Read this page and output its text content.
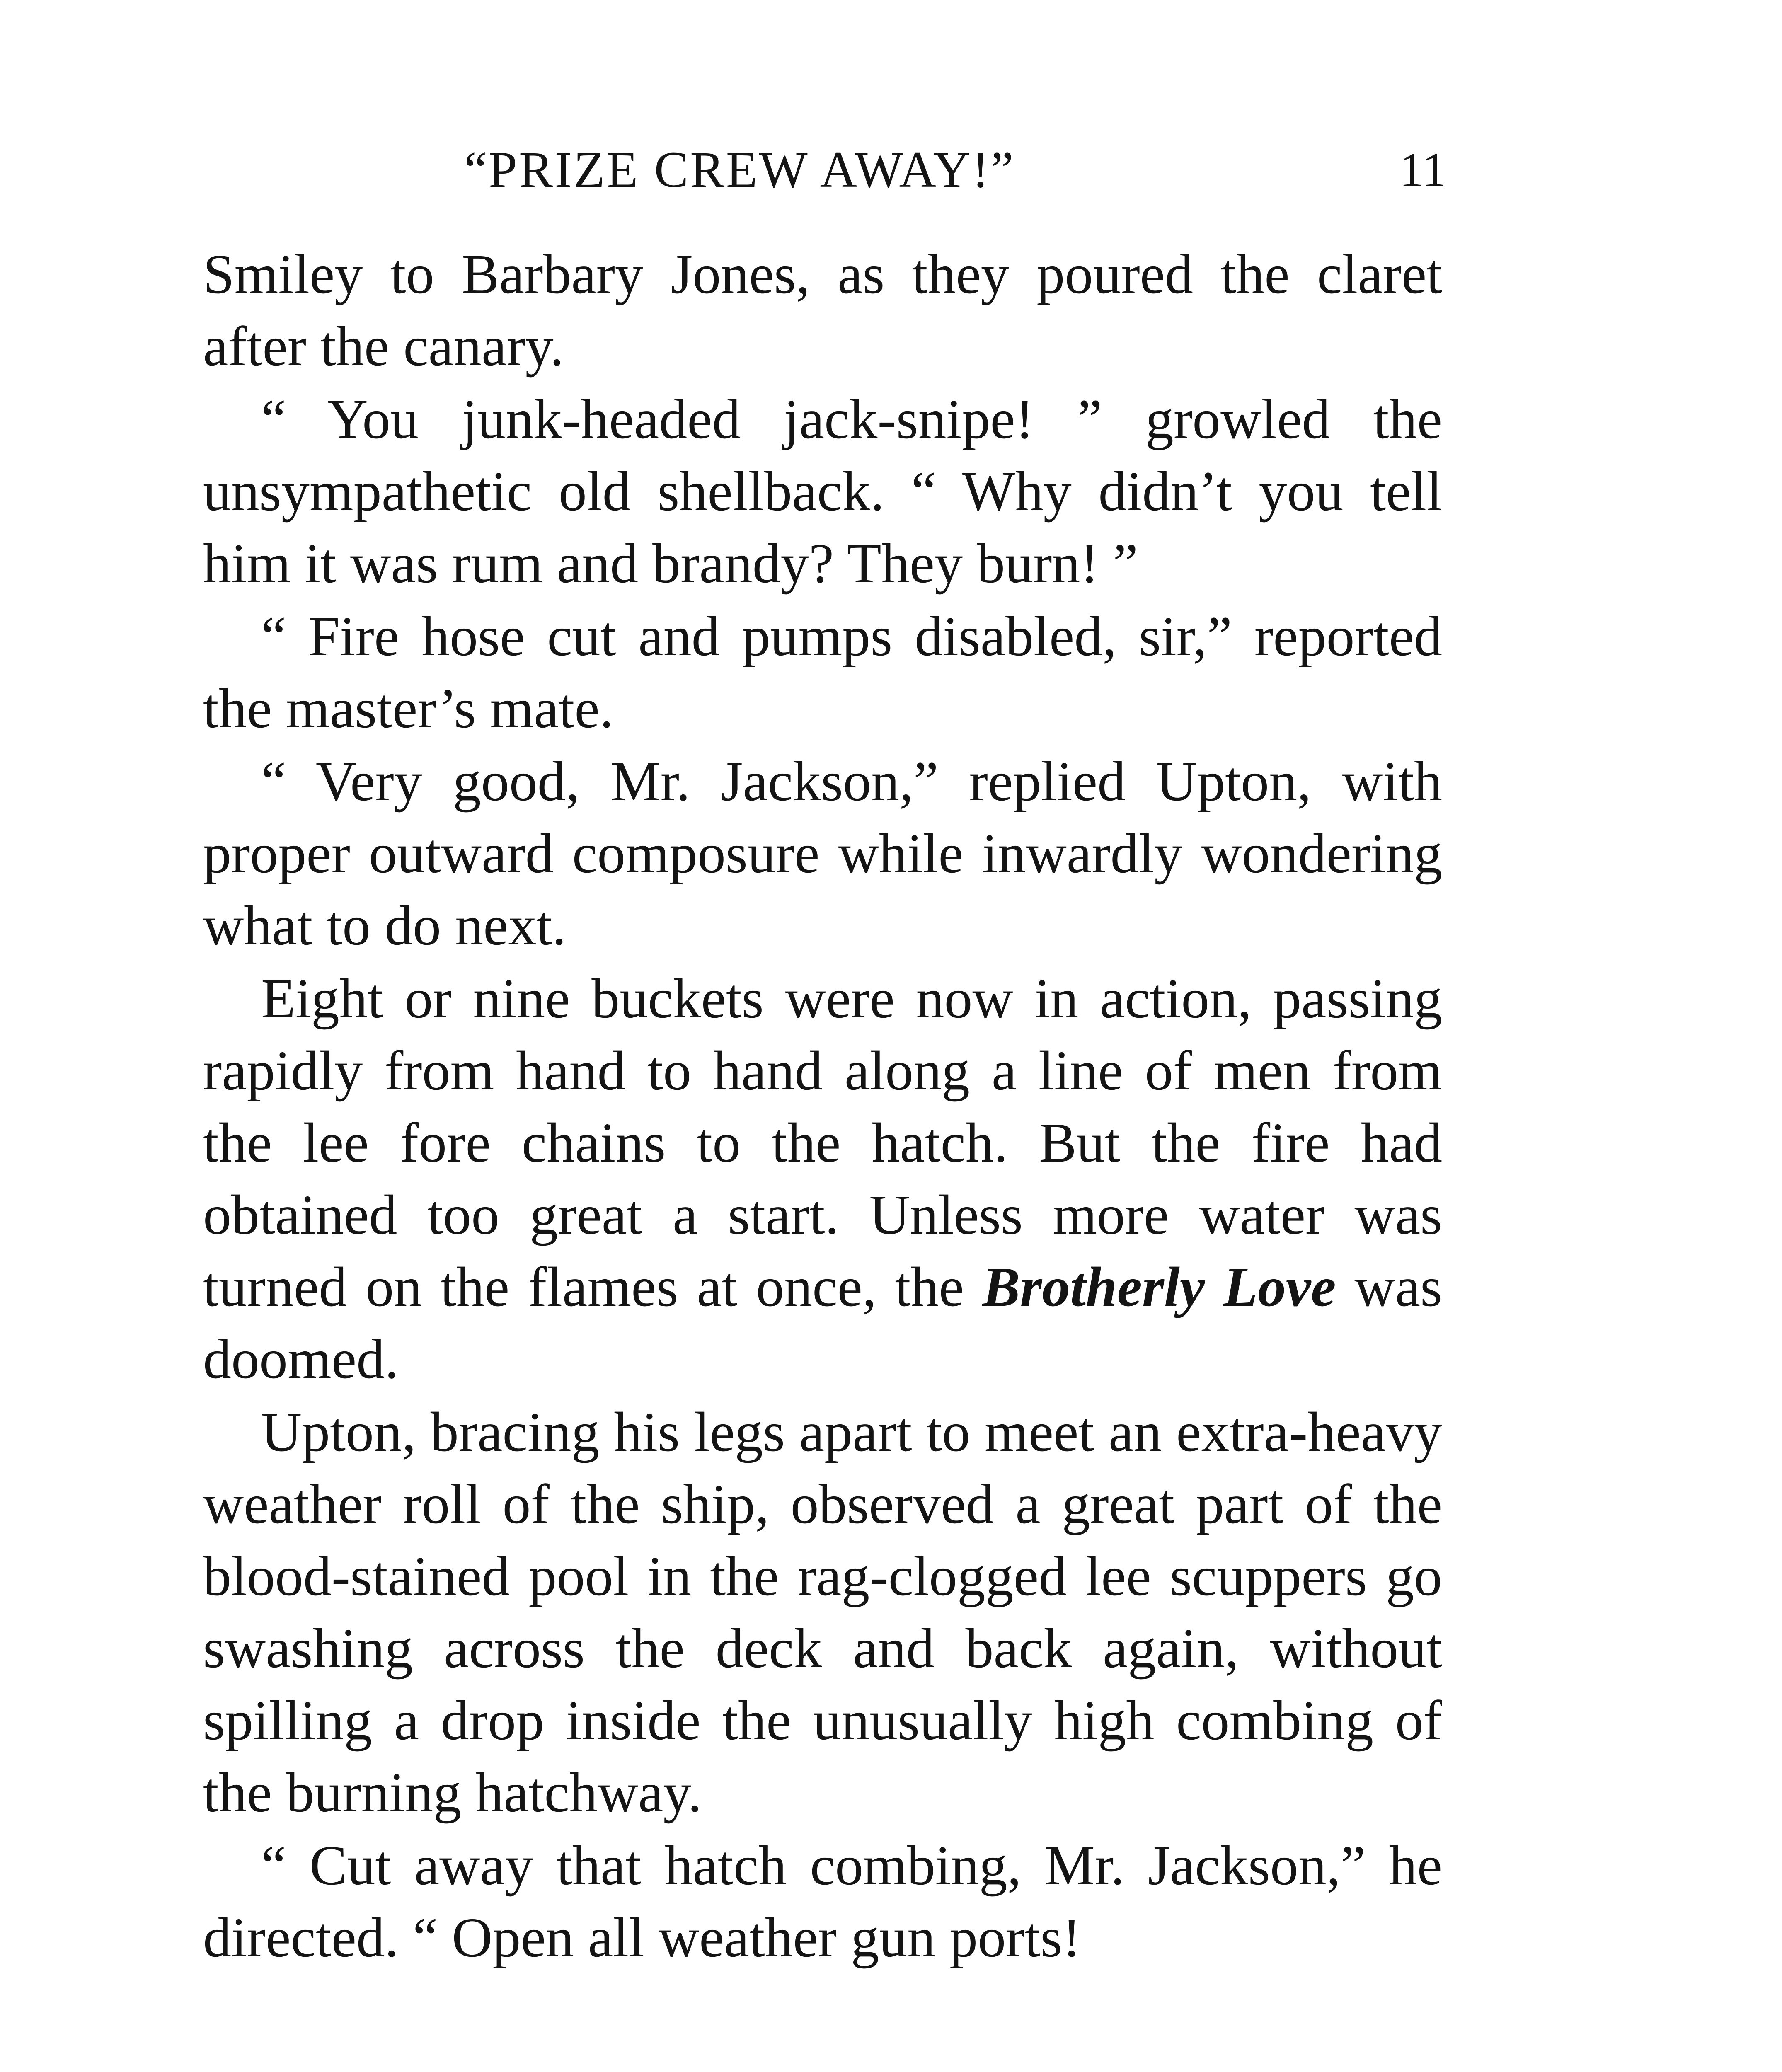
“PRIZE CREW AWAY!”	11

Smiley to Barbary Jones, as they poured the claret after the canary.

“ You junk-headed jack-snipe! ” growled the unsympathetic old shellback. “ Why didn’t you tell him it was rum and brandy? They burn! ”

“ Fire hose cut and pumps disabled, sir,” reported the master’s mate.

“ Very good, Mr. Jackson,” replied Upton, with proper outward composure while inwardly wondering what to do next.

Eight or nine buckets were now in action, passing rapidly from hand to hand along a line of men from the lee fore chains to the hatch. But the fire had obtained too great a start. Unless more water was turned on the flames at once, the Brotherly Love was doomed.

Upton, bracing his legs apart to meet an extra-heavy weather roll of the ship, observed a great part of the blood-stained pool in the rag-clogged lee scuppers go swashing across the deck and back again, without spilling a drop inside the unusually high combing of the burning hatchway.

“ Cut away that hatch combing, Mr. Jackson,” he directed. “ Open all weather gun ports!
